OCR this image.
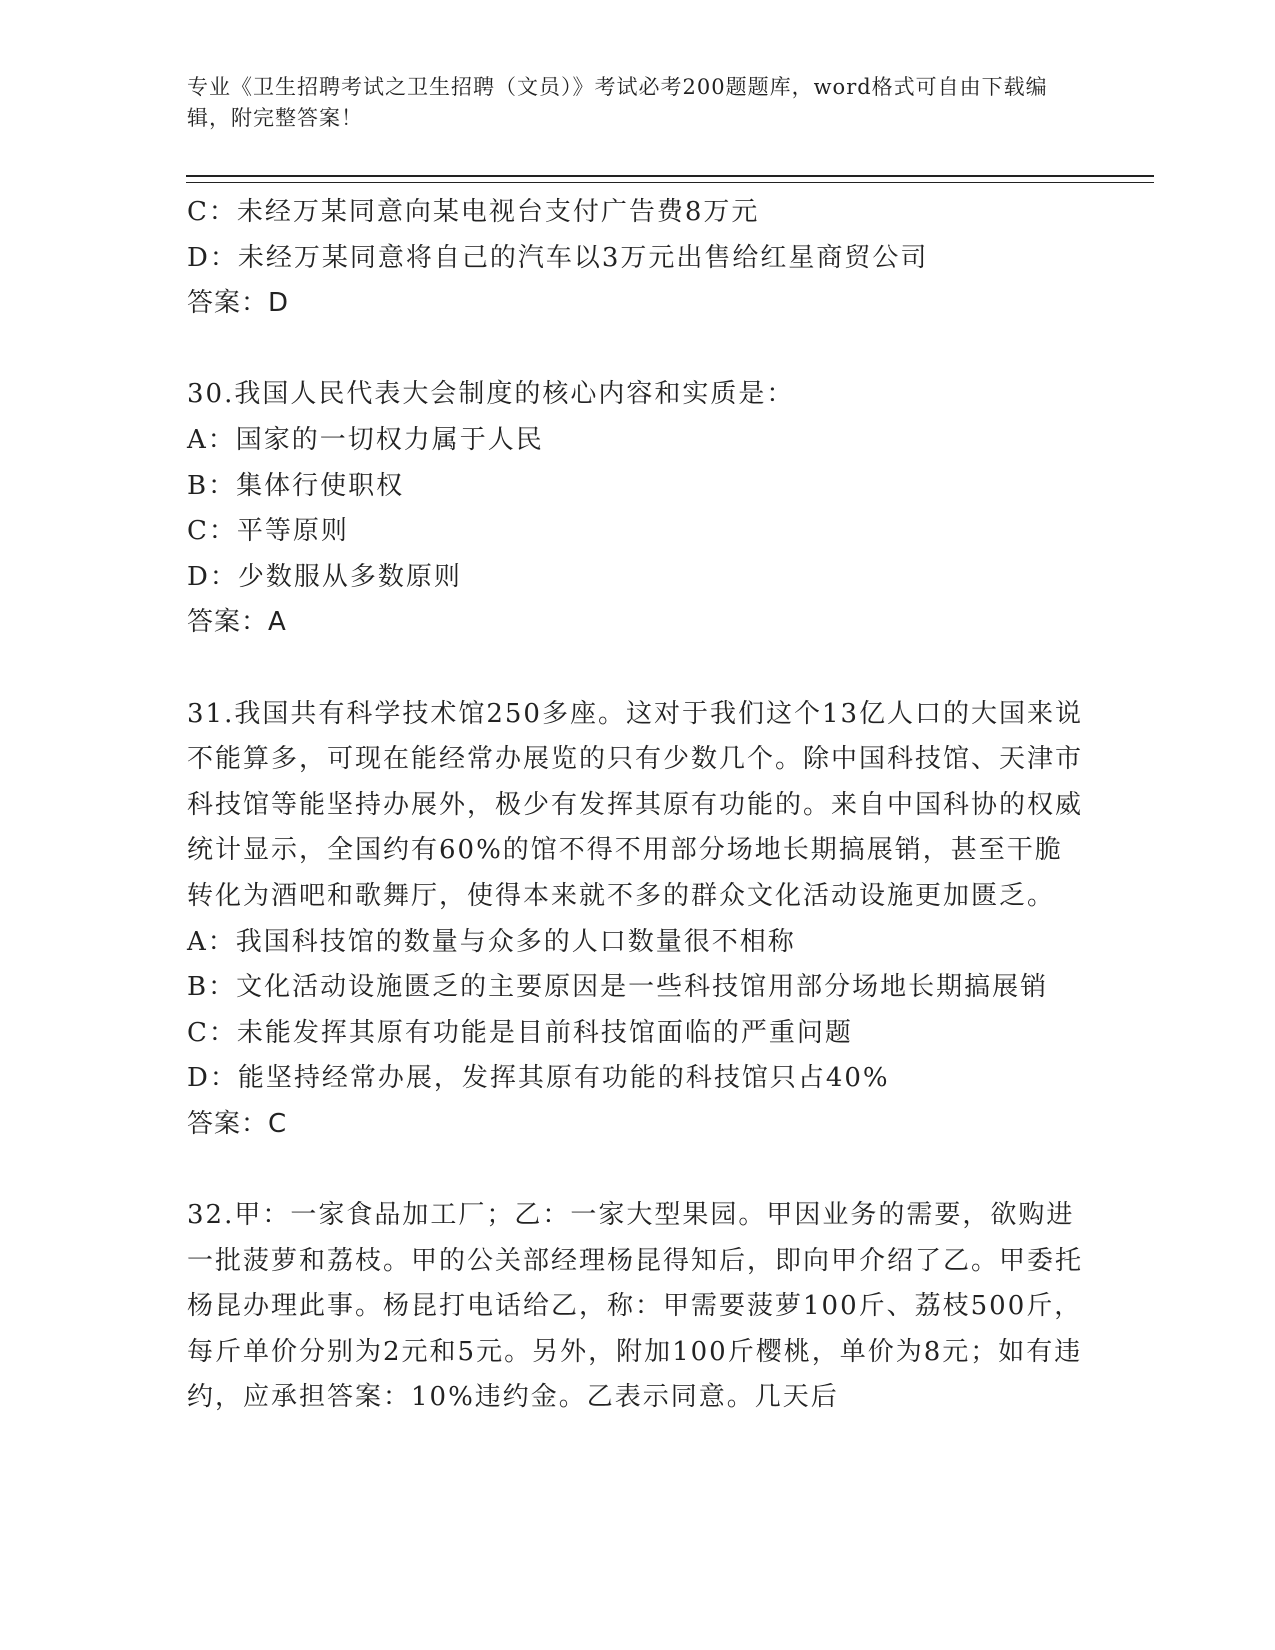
专业《卫生招聘考试之卫生招聘（文员）》考试必考200题题库，word格式可自由下载编辑，附完整答案！
C：未经万某同意向某电视台支付广告费8万元
D：未经万某同意将自己的汽车以3万元出售给红星商贸公司
答案：D
30.我国人民代表大会制度的核心内容和实质是：
A：国家的一切权力属于人民
B：集体行使职权
C：平等原则
D：少数服从多数原则
答案：A
31.我国共有科学技术馆250多座。这对于我们这个13亿人口的大国来说不能算多，可现在能经常办展览的只有少数几个。除中国科技馆、天津市科技馆等能坚持办展外，极少有发挥其原有功能的。来自中国科协的权威统计显示，全国约有60%的馆不得不用部分场地长期搞展销，甚至干脆转化为酒吧和歌舞厅，使得本来就不多的群众文化活动设施更加匮乏。
A：我国科技馆的数量与众多的人口数量很不相称
B：文化活动设施匮乏的主要原因是一些科技馆用部分场地长期搞展销
C：未能发挥其原有功能是目前科技馆面临的严重问题
D：能坚持经常办展，发挥其原有功能的科技馆只占40%
答案：C
32.甲：一家食品加工厂；乙：一家大型果园。甲因业务的需要，欲购进一批菠萝和荔枝。甲的公关部经理杨昆得知后，即向甲介绍了乙。甲委托杨昆办理此事。杨昆打电话给乙，称：甲需要菠萝100斤、荔枝500斤，每斤单价分别为2元和5元。另外，附加100斤樱桃，单价为8元；如有违约，应承担答案：10%违约金。乙表示同意。几天后
